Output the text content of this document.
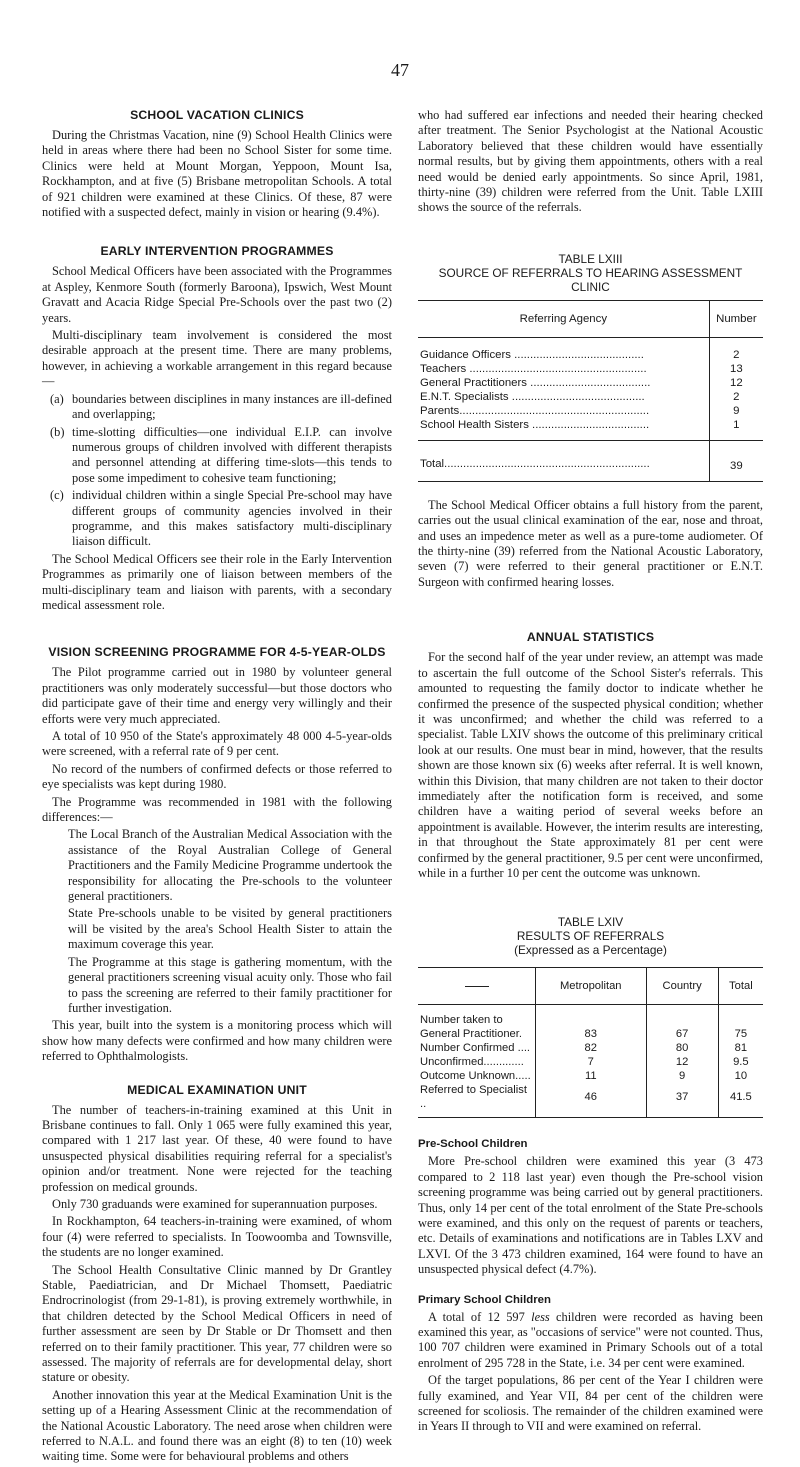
47
SCHOOL VACATION CLINICS

During the Christmas Vacation, nine (9) School Health Clinics were held in areas where there had been no School Sister for some time. Clinics were held at Mount Morgan, Yeppoon, Mount Isa, Rockhampton, and at five (5) Brisbane metropolitan Schools. A total of 921 children were examined at these Clinics. Of these, 87 were notified with a suspected defect, mainly in vision or hearing (9.4%).

EARLY INTERVENTION PROGRAMMES

School Medical Officers have been associated with the Programmes at Aspley, Kenmore South (formerly Baroona), Ipswich, West Mount Gravatt and Acacia Ridge Special Pre-Schools over the past two (2) years.

Multi-disciplinary team involvement is considered the most desirable approach at the present time. There are many problems, however, in achieving a workable arrangement in this regard because—

(a) boundaries between disciplines in many instances are ill-defined and overlapping;
(b) time-slotting difficulties—one individual E.I.P. can involve numerous groups of children involved with different therapists and personnel attending at differing time-slots—this tends to pose some impediment to cohesive team functioning;
(c) individual children within a single Special Pre-school may have different groups of community agencies involved in their programme, and this makes satisfactory multi-disciplinary liaison difficult.

The School Medical Officers see their role in the Early Intervention Programmes as primarily one of liaison between members of the multi-disciplinary team and liaison with parents, with a secondary medical assessment role.

VISION SCREENING PROGRAMME FOR 4-5-YEAR-OLDS

The Pilot programme carried out in 1980 by volunteer general practitioners was only moderately successful—but those doctors who did participate gave of their time and energy very willingly and their efforts were very much appreciated.

A total of 10 950 of the State's approximately 48 000 4-5-year-olds were screened, with a referral rate of 9 per cent.

No record of the numbers of confirmed defects or those referred to eye specialists was kept during 1980.

The Programme was recommended in 1981 with the following differences:—

The Local Branch of the Australian Medical Association with the assistance of the Royal Australian College of General Practitioners and the Family Medicine Programme undertook the responsibility for allocating the Pre-schools to the volunteer general practitioners.

State Pre-schools unable to be visited by general practitioners will be visited by the area's School Health Sister to attain the maximum coverage this year.

The Programme at this stage is gathering momentum, with the general practitioners screening visual acuity only. Those who fail to pass the screening are referred to their family practitioner for further investigation.

This year, built into the system is a monitoring process which will show how many defects were confirmed and how many children were referred to Ophthalmologists.

MEDICAL EXAMINATION UNIT

The number of teachers-in-training examined at this Unit in Brisbane continues to fall. Only 1 065 were fully examined this year, compared with 1 217 last year. Of these, 40 were found to have unsuspected physical disabilities requiring referral for a specialist's opinion and/or treatment. None were rejected for the teaching profession on medical grounds.

Only 730 graduands were examined for superannuation purposes.

In Rockhampton, 64 teachers-in-training were examined, of whom four (4) were referred to specialists. In Toowoomba and Townsville, the students are no longer examined.

The School Health Consultative Clinic manned by Dr Grantley Stable, Paediatrician, and Dr Michael Thomsett, Paediatric Endrocrinologist (from 29-1-81), is proving extremely worthwhile, in that children detected by the School Medical Officers in need of further assessment are seen by Dr Stable or Dr Thomsett and then referred on to their family practitioner. This year, 77 children were so assessed. The majority of referrals are for developmental delay, short stature or obesity.

Another innovation this year at the Medical Examination Unit is the setting up of a Hearing Assessment Clinic at the recommendation of the National Acoustic Laboratory. The need arose when children were referred to N.A.L. and found there was an eight (8) to ten (10) week waiting time. Some were for behavioural problems and others

who had suffered ear infections and needed their hearing checked after treatment. The Senior Psychologist at the National Acoustic Laboratory believed that these children would have essentially normal results, but by giving them appointments, others with a real need would be denied early appointments. So since April, 1981, thirty-nine (39) children were referred from the Unit. Table LXIII shows the source of the referrals.

TABLE LXIII
SOURCE OF REFERRALS TO HEARING ASSESSMENT CLINIC
Referring Agency	Number
Guidance Officers .........................................	2
Teachers ........................................................	13
General Practitioners ......................................	12
E.N.T. Specialists ..........................................	2
Parents............................................................	9
School Health Sisters .....................................	1
Total.................................................................	39

The School Medical Officer obtains a full history from the parent, carries out the usual clinical examination of the ear, nose and throat, and uses an impedence meter as well as a pure-tome audiometer. Of the thirty-nine (39) referred from the National Acoustic Laboratory, seven (7) were referred to their general practitioner or E.N.T. Surgeon with confirmed hearing losses.

ANNUAL STATISTICS

For the second half of the year under review, an attempt was made to ascertain the full outcome of the School Sister's referrals. This amounted to requesting the family doctor to indicate whether he confirmed the presence of the suspected physical condition; whether it was unconfirmed; and whether the child was referred to a specialist. Table LXIV shows the outcome of this preliminary critical look at our results. One must bear in mind, however, that the results shown are those known six (6) weeks after referral. It is well known, within this Division, that many children are not taken to their doctor immediately after the notification form is received, and some children have a waiting period of several weeks before an appointment is available. However, the interim results are interesting, in that throughout the State approximately 81 per cent were confirmed by the general practitioner, 9.5 per cent were unconfirmed, while in a further 10 per cent the outcome was unknown.

TABLE LXIV
RESULTS OF REFERRALS
(Expressed as a Percentage)
	Metropolitan	Country	Total
Number taken to			
General Practitioner.	83	67	75
Number Confirmed ....	82	80	81
Unconfirmed.............	7	12	9.5
Outcome Unknown.....	11	9	10
Referred to Specialist ..	46	37	41.5
Pre-School Children

More Pre-school children were examined this year (3 473 compared to 2 118 last year) even though the Pre-school vision screening programme was being carried out by general practitioners. Thus, only 14 per cent of the total enrolment of the State Pre-schools were examined, and this only on the request of parents or teachers, etc. Details of examinations and notifications are in Tables LXV and LXVI. Of the 3 473 children examined, 164 were found to have an unsuspected physical defect (4.7%).

Primary School Children

A total of 12 597 less children were recorded as having been examined this year, as "occasions of service" were not counted. Thus, 100 707 children were examined in Primary Schools out of a total enrolment of 295 728 in the State, i.e. 34 per cent were examined.

Of the target populations, 86 per cent of the Year I children were fully examined, and Year VII, 84 per cent of the children were screened for scoliosis. The remainder of the children examined were in Years II through to VII and were examined on referral.
